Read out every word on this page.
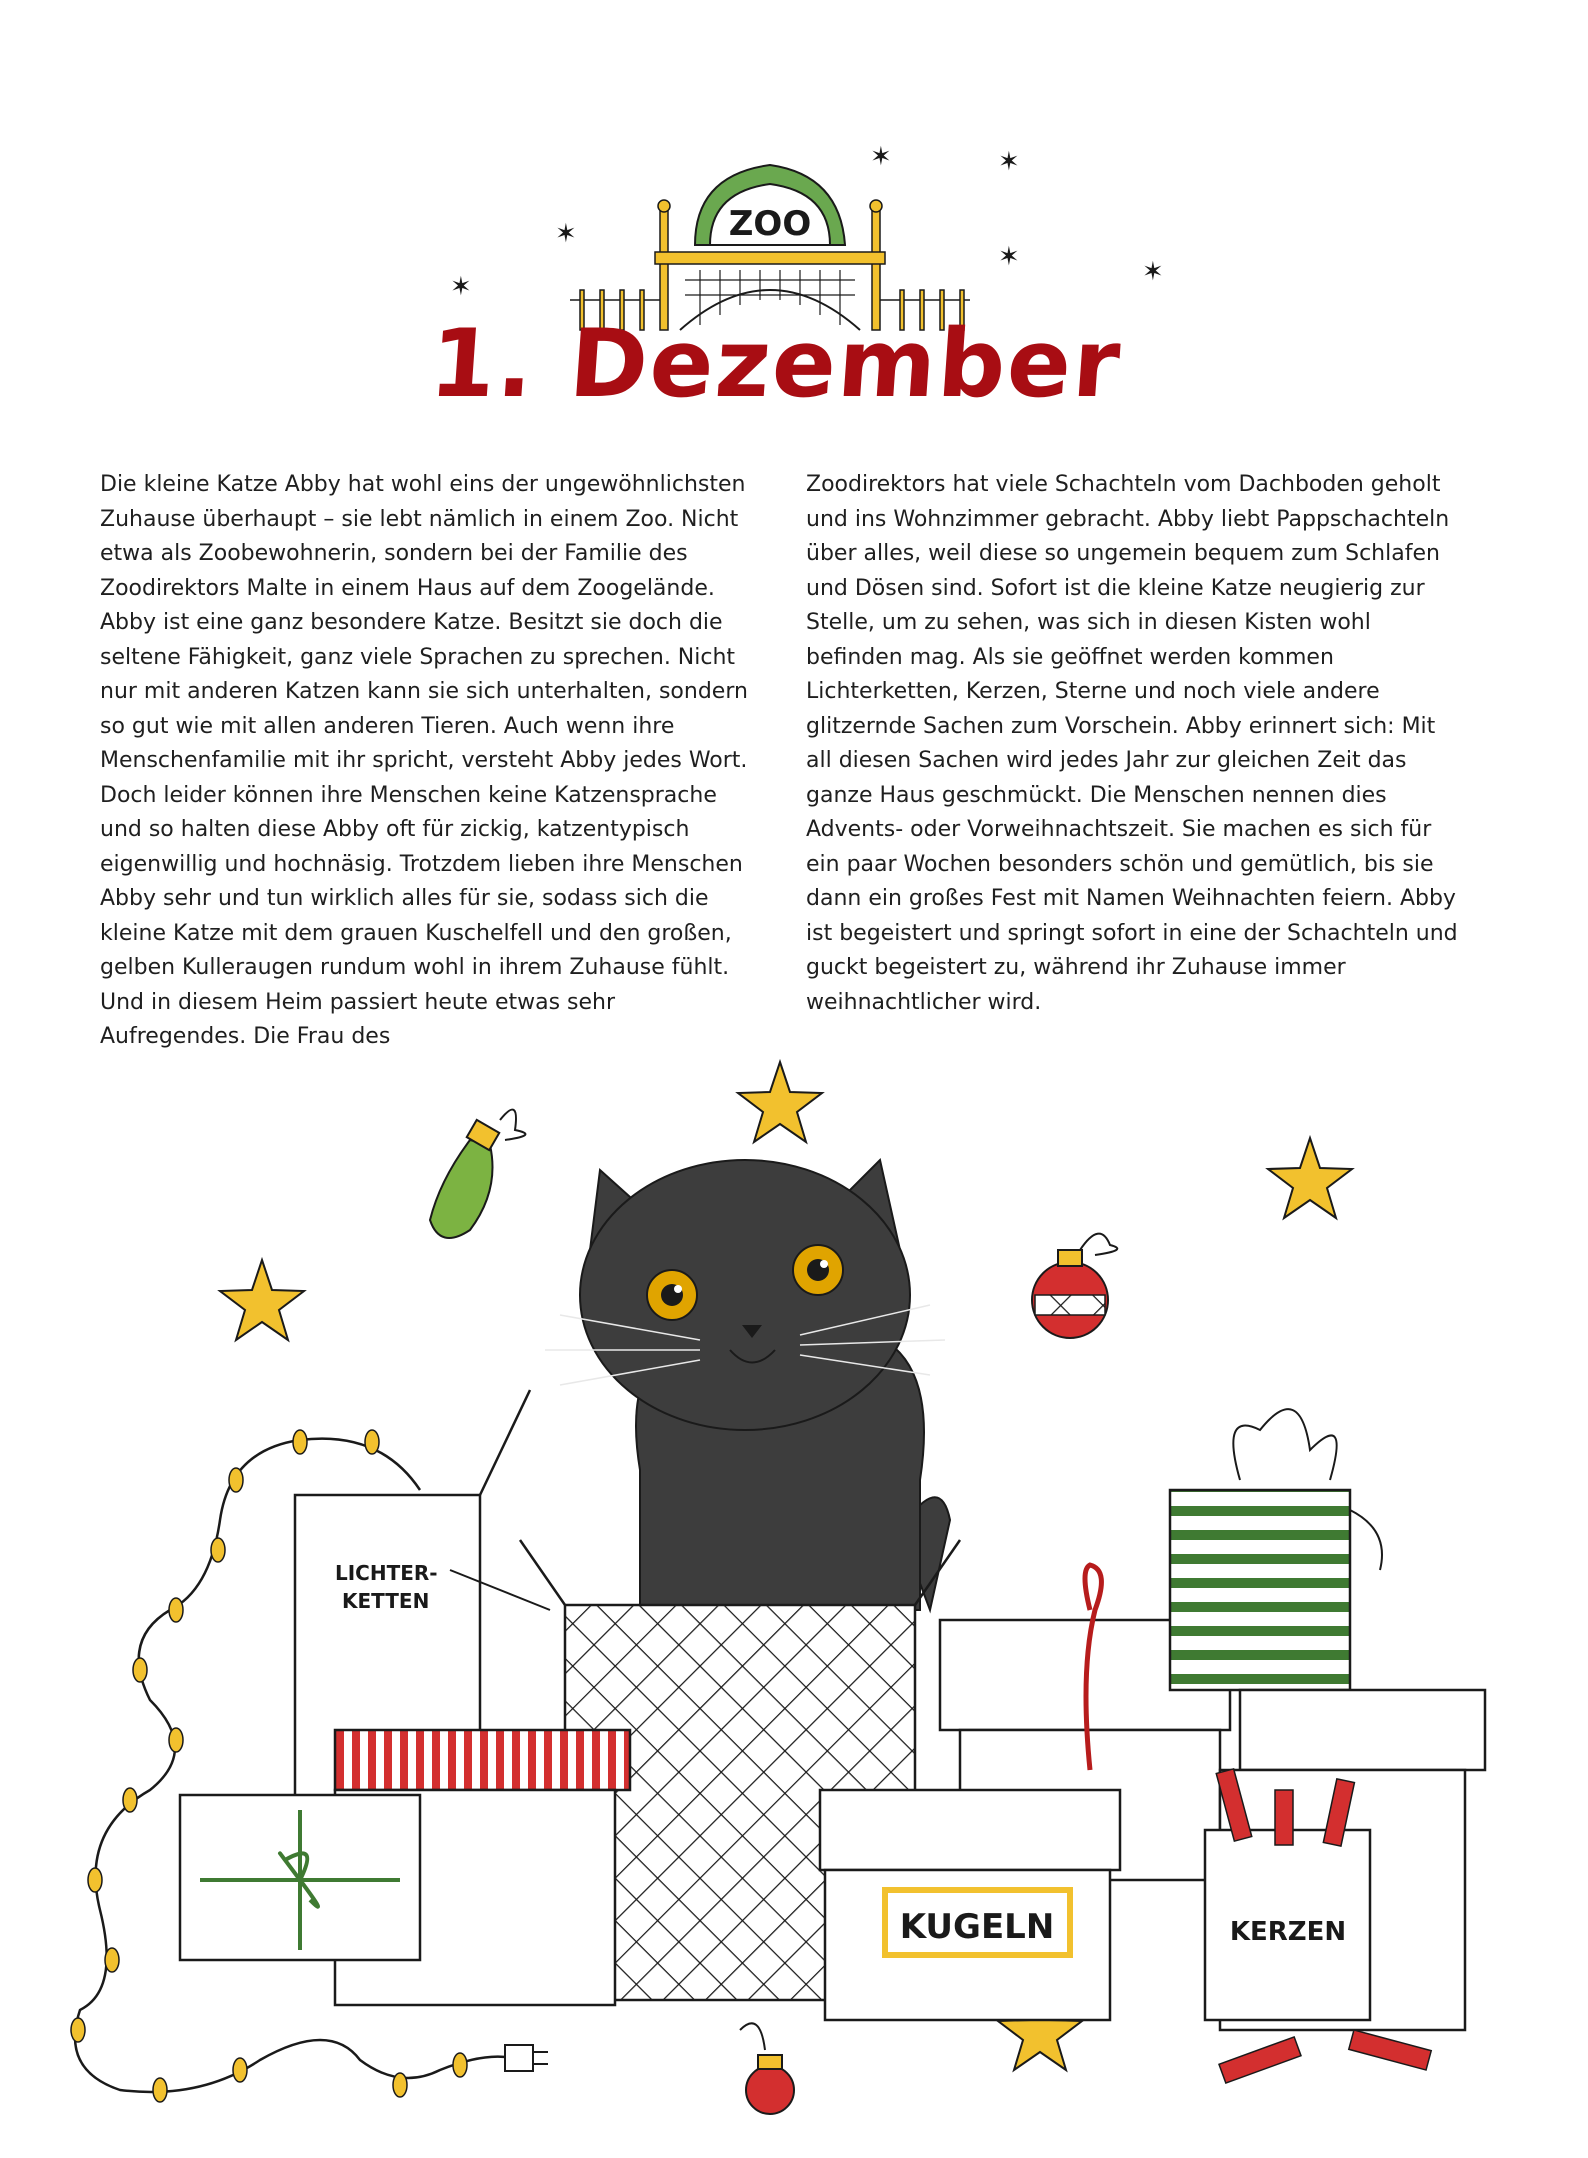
ZOO
✶	✶
✶
✶
✶	✶
1. Dezember

Die kleine Katze Abby hat wohl eins der ungewöhnlichsten Zuhause überhaupt – sie lebt nämlich in einem Zoo. Nicht etwa als Zoobewohnerin, sondern bei der Familie des Zoodirektors Malte in einem Haus auf dem Zoogelände. Abby ist eine ganz besondere Katze. Besitzt sie doch die seltene Fähigkeit, ganz viele Sprachen zu sprechen. Nicht nur mit anderen Katzen kann sie sich unterhalten, sondern so gut wie mit allen anderen Tieren. Auch wenn ihre Menschenfamilie mit ihr spricht, versteht Abby jedes Wort. Doch leider können ihre Menschen keine Katzensprache und so halten diese Abby oft für zickig, katzentypisch eigenwillig und hochnäsig. Trotzdem lieben ihre Menschen Abby sehr und tun wirklich alles für sie, sodass sich die kleine Katze mit dem grauen Kuschelfell und den großen, gelben Kulleraugen rundum wohl in ihrem Zuhause fühlt. Und in diesem Heim passiert heute etwas sehr Aufregendes. Die Frau des

Zoodirektors hat viele Schachteln vom Dachboden geholt und ins Wohnzimmer gebracht. Abby liebt Pappschachteln über alles, weil diese so ungemein bequem zum Schlafen und Dösen sind. Sofort ist die kleine Katze neugierig zur Stelle, um zu sehen, was sich in diesen Kisten wohl befinden mag. Als sie geöffnet werden kommen Lichterketten, Kerzen, Sterne und noch viele andere glitzernde Sachen zum Vorschein. Abby erinnert sich: Mit all diesen Sachen wird jedes Jahr zur gleichen Zeit das ganze Haus geschmückt. Die Menschen nennen dies Advents- oder Vorweihnachtszeit. Sie machen es sich für ein paar Wochen besonders schön und gemütlich, bis sie dann ein großes Fest mit Namen Weihnachten feiern. Abby ist begeistert und springt sofort in eine der Schachteln und guckt begeistert zu, während ihr Zuhause immer weihnachtlicher wird.

LICHTER-
KETTEN
KUGELN	KERZEN
